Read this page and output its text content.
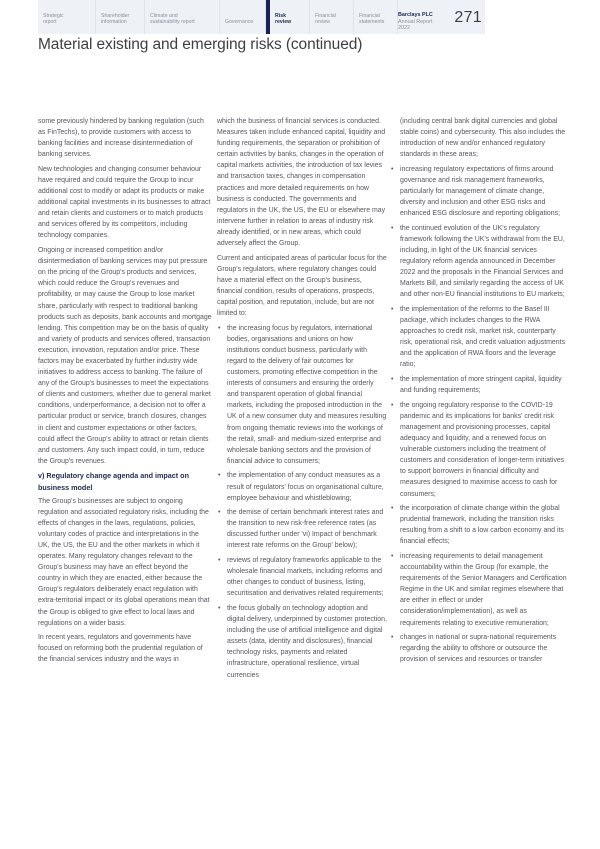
Strategic
report
Shareholder
information
Climate and
sustainability report	Governance
Risk
review
Financial
review
Financial
statements
Barclays PLC
Annual Report 2022
271
Material existing and emerging risks (continued)

some previously hindered by banking regulation (such as FinTechs), to provide customers with access to banking facilities and increase disintermediation of banking services.

New technologies and changing consumer behaviour have required and could require the Group to incur additional cost to modify or adapt its products or make additional capital investments in its businesses to attract and retain clients and customers or to match products and services offered by its competitors, including technology companies.

Ongoing or increased competition and/or disintermediation of banking services may put pressure on the pricing of the Group's products and services, which could reduce the Group's revenues and profitability, or may cause the Group to lose market share, particularly with respect to traditional banking products such as deposits, bank accounts and mortgage lending. This competition may be on the basis of quality and variety of products and services offered, transaction execution, innovation, reputation and/or price. These factors may be exacerbated by further industry wide initiatives to address access to banking. The failure of any of the Group's businesses to meet the expectations of clients and customers, whether due to general market conditions, underperformance, a decision not to offer a particular product or service, branch closures, changes in client and customer expectations or other factors, could affect the Group's ability to attract or retain clients and customers. Any such impact could, in turn, reduce the Group's revenues.

v) Regulatory change agenda and impact on business model

The Group's businesses are subject to ongoing regulation and associated regulatory risks, including the effects of changes in the laws, regulations, policies, voluntary codes of practice and interpretations in the UK, the US, the EU and the other markets in which it operates. Many regulatory changes relevant to the Group's business may have an effect beyond the country in which they are enacted, either because the Group's regulators deliberately enact regulation with extra-territorial impact or its global operations mean that the Group is obliged to give effect to local laws and regulations on a wider basis.

In recent years, regulators and governments have focused on reforming both the prudential regulation of the financial services industry and the ways in

which the business of financial services is conducted. Measures taken include enhanced capital, liquidity and funding requirements, the separation or prohibition of certain activities by banks, changes in the operation of capital markets activities, the introduction of tax levies and transaction taxes, changes in compensation practices and more detailed requirements on how business is conducted. The governments and regulators in the UK, the US, the EU or elsewhere may intervene further in relation to areas of industry risk already identified, or in new areas, which could adversely affect the Group.

Current and anticipated areas of particular focus for the Group's regulators, where regulatory changes could have a material effect on the Group's business, financial condition, results of operations, prospects, capital position, and reputation, include, but are not limited to:

• the increasing focus by regulators, international bodies, organisations and unions on how institutions conduct business, particularly with regard to the delivery of fair outcomes for customers, promoting effective competition in the interests of consumers and ensuring the orderly and transparent operation of global financial markets, including the proposed introduction in the UK of a new consumer duty and measures resulting from ongoing thematic reviews into the workings of the retail, small- and medium-sized enterprise and wholesale banking sectors and the provision of financial advice to consumers;
• the implementation of any conduct measures as a result of regulators' focus on organisational culture, employee behaviour and whistleblowing;
• the demise of certain benchmark interest rates and the transition to new risk-free reference rates (as discussed further under 'vi) Impact of benchmark interest rate reforms on the Group' below);
• reviews of regulatory frameworks applicable to the wholesale financial markets, including reforms and other changes to conduct of business, listing, securitisation and derivatives related requirements;
• the focus globally on technology adoption and digital delivery, underpinned by customer protection, including the use of artificial intelligence and digital assets (data, identity and disclosures), financial technology risks, payments and related infrastructure, operational resilience, virtual currencies

(including central bank digital currencies and global stable coins) and cybersecurity. This also includes the introduction of new and/or enhanced regulatory standards in these areas;

• increasing regulatory expectations of firms around governance and risk management frameworks, particularly for management of climate change, diversity and inclusion and other ESG risks and enhanced ESG disclosure and reporting obligations;
• the continued evolution of the UK's regulatory framework following the UK's withdrawal from the EU, including, in light of the UK financial services regulatory reform agenda announced in December 2022 and the proposals in the Financial Services and Markets Bill, and similarly regarding the access of UK and other non-EU financial institutions to EU markets;
• the implementation of the reforms to the Basel III package, which includes changes to the RWA approaches to credit risk, market risk, counterparty risk, operational risk, and credit valuation adjustments and the application of RWA floors and the leverage ratio;
• the implementation of more stringent capital, liquidity and funding requirements;
• the ongoing regulatory response to the COVID-19 pandemic and its implications for banks' credit risk management and provisioning processes, capital adequacy and liquidity, and a renewed focus on vulnerable customers including the treatment of customers and consideration of longer-term initiatives to support borrowers in financial difficulty and measures designed to maximise access to cash for consumers;
• the incorporation of climate change within the global prudential framework, including the transition risks resulting from a shift to a low carbon economy and its financial effects;
• increasing requirements to detail management accountability within the Group (for example, the requirements of the Senior Managers and Certification Regime in the UK and similar regimes elsewhere that are either in effect or under consideration/implementation), as well as requirements relating to executive remuneration;
• changes in national or supra-national requirements regarding the ability to offshore or outsource the provision of services and resources or transfer
